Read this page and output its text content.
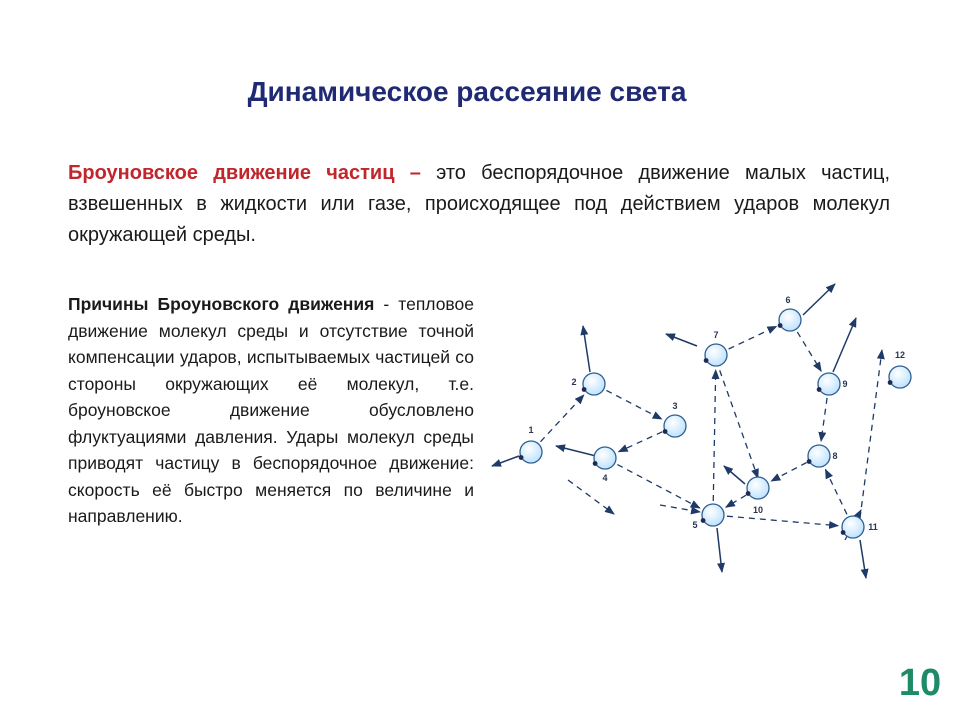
Динамическое рассеяние света
Броуновское движение частиц – это беспорядочное движение малых частиц, взвешенных в жидкости или газе, происходящее под действием ударов молекул окружающей среды.
Причины Броуновского движения - тепловое движение молекул среды и отсутствие точной компенсации ударов, испытываемых частицей со стороны окружающих её молекул, т.е. броуновское движение обусловлено флуктуациями давления. Удары молекул среды приводят частицу в беспорядочное движение: скорость её быстро меняется по величине и направлению.
1
2
3
4
5
6
7
8
9
10
11
12
10
